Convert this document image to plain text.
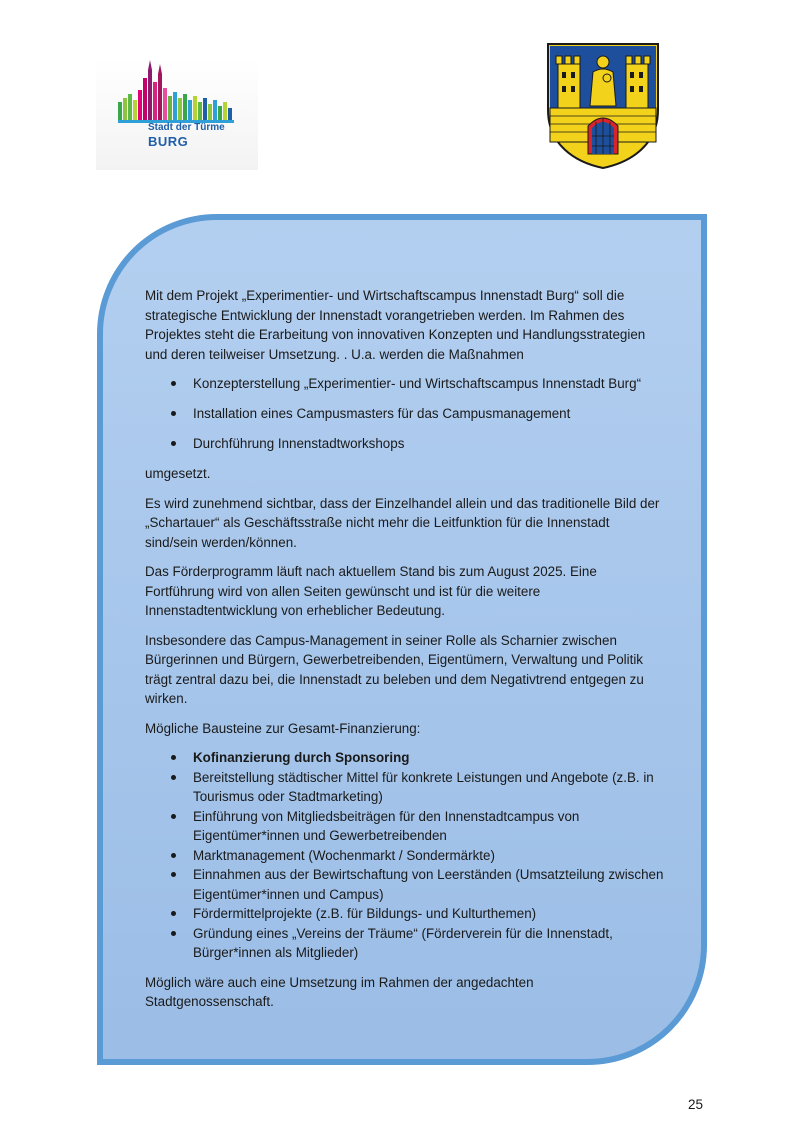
Stadt der Türme
BURG

Mit dem Projekt „Experimentier- und Wirtschaftscampus Innenstadt Burg“ soll die strategische Entwicklung der Innenstadt vorangetrieben werden. Im Rahmen des Projektes steht die Erarbeitung von innovativen Konzepten und Handlungsstrategien und deren teilweiser Umsetzung. . U.a. werden die Maßnahmen

Konzepterstellung „Experimentier- und Wirtschaftscampus Innenstadt Burg“
Installation eines Campusmasters für das Campusmanagement
Durchführung Innenstadtworkshops

umgesetzt.

Es wird zunehmend sichtbar, dass der Einzelhandel allein und das traditionelle Bild der „Schartauer“ als Geschäftsstraße nicht mehr die Leitfunktion für die Innenstadt sind/sein werden/können.

Das Förderprogramm läuft nach aktuellem Stand bis zum August 2025. Eine Fortführung wird von allen Seiten gewünscht und ist für die weitere Innenstadtentwicklung von erheblicher Bedeutung.

Insbesondere das Campus-Management in seiner Rolle als Scharnier zwischen Bürgerinnen und Bürgern, Gewerbetreibenden, Eigentümern, Verwaltung und Politik trägt zentral dazu bei, die Innenstadt zu beleben und dem Negativtrend entgegen zu wirken.

Mögliche Bausteine zur Gesamt-Finanzierung:

Kofinanzierung durch Sponsoring
Bereitstellung städtischer Mittel für konkrete Leistungen und Angebote (z.B. in Tourismus oder Stadtmarketing)
Einführung von Mitgliedsbeiträgen für den Innenstadtcampus von Eigentümer*innen und Gewerbetreibenden
Marktmanagement (Wochenmarkt / Sondermärkte)
Einnahmen aus der Bewirtschaftung von Leerständen (Umsatzteilung zwischen Eigentümer*innen und Campus)
Fördermittelprojekte (z.B. für Bildungs- und Kulturthemen)
Gründung eines „Vereins der Träume“ (Förderverein für die Innenstadt, Bürger*innen als Mitglieder)

Möglich wäre auch eine Umsetzung im Rahmen der angedachten Stadtgenossenschaft.

25
